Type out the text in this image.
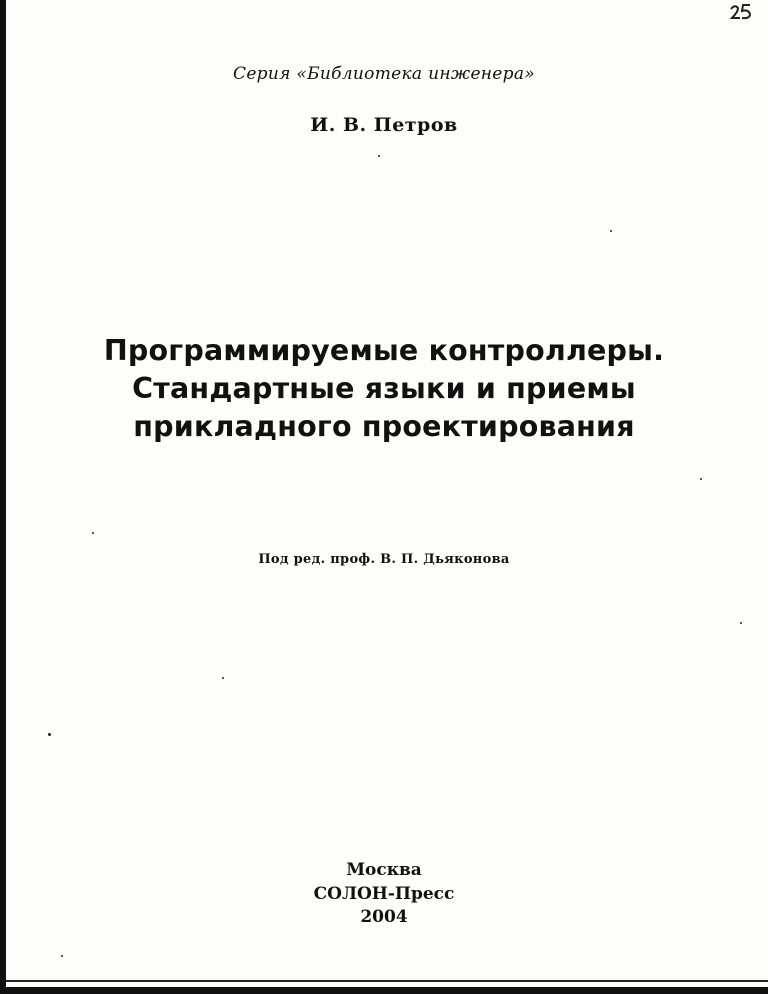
Серия «Библиотека инженера»
И. В. Петров
Программируемые контроллеры.
Стандартные языки и приемы
прикладного проектирования
Под ред. проф. В. П. Дьяконова
Москва
СОЛОН-Пресс
2004
